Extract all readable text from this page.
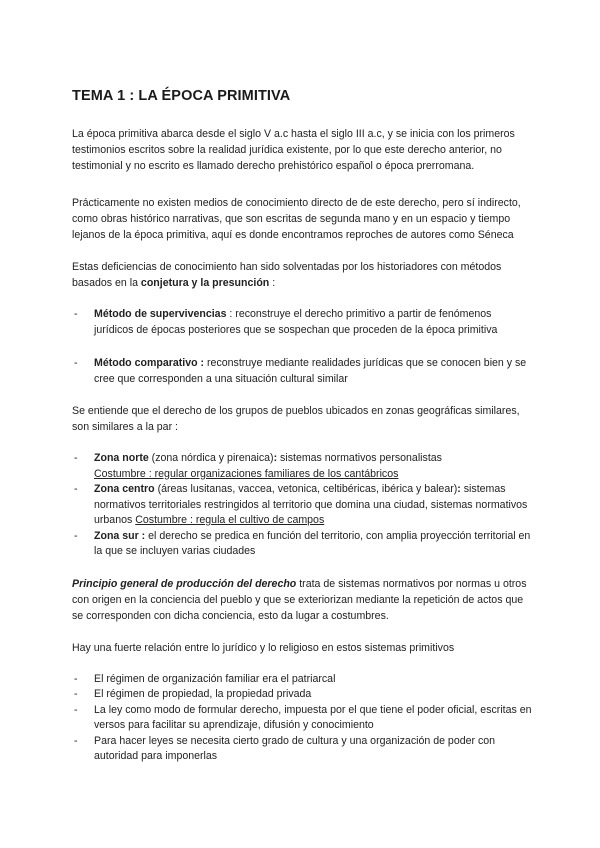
TEMA 1 : LA ÉPOCA PRIMITIVA

La época primitiva abarca desde el siglo V a.c hasta el siglo III a.c, y se inicia con los primeros testimonios escritos sobre la realidad jurídica existente, por lo que este derecho anterior, no testimonial y no escrito es llamado derecho prehistórico español o época prerromana.

Prácticamente no existen medios de conocimiento directo de de este derecho, pero sí indirecto, como obras histórico narrativas, que son escritas de segunda mano y en un espacio y tiempo lejanos de la época primitiva, aquí es donde encontramos reproches de autores como Séneca

Estas deficiencias de conocimiento han sido solventadas por los historiadores con métodos basados en la conjetura y la presunción :

- Método de supervivencias : reconstruye el derecho primitivo a partir de fenómenos jurídicos de épocas posteriores que se sospechan que proceden de la época primitiva
- Método comparativo : reconstruye mediante realidades jurídicas que se conocen bien y se cree que corresponden a una situación cultural similar

Se entiende que el derecho de los grupos de pueblos ubicados en zonas geográficas similares, son similares a la par :

- Zona norte (zona nórdica y pirenaica): sistemas normativos personalistas
Costumbre : regular organizaciones familiares de los cantábricos
- Zona centro (áreas lusitanas, vaccea, vetonica, celtibéricas, ibérica y balear): sistemas normativos territoriales restringidos al territorio que domina una ciudad, sistemas normativos urbanos Costumbre : regula el cultivo de campos
- Zona sur : el derecho se predica en función del territorio, con amplia proyección territorial en la que se incluyen varias ciudades

Principio general de producción del derecho trata de sistemas normativos por normas u otros con origen en la conciencia del pueblo y que se exteriorizan mediante la repetición de actos que se corresponden con dicha conciencia, esto da lugar a costumbres.

Hay una fuerte relación entre lo jurídico y lo religioso en estos sistemas primitivos

- El régimen de organización familiar era el patriarcal
- El régimen de propiedad, la propiedad privada
- La ley como modo de formular derecho, impuesta por el que tiene el poder oficial, escritas en versos para facilitar su aprendizaje, difusión y conocimiento
- Para hacer leyes se necesita cierto grado de cultura y una organización de poder con autoridad para imponerlas
